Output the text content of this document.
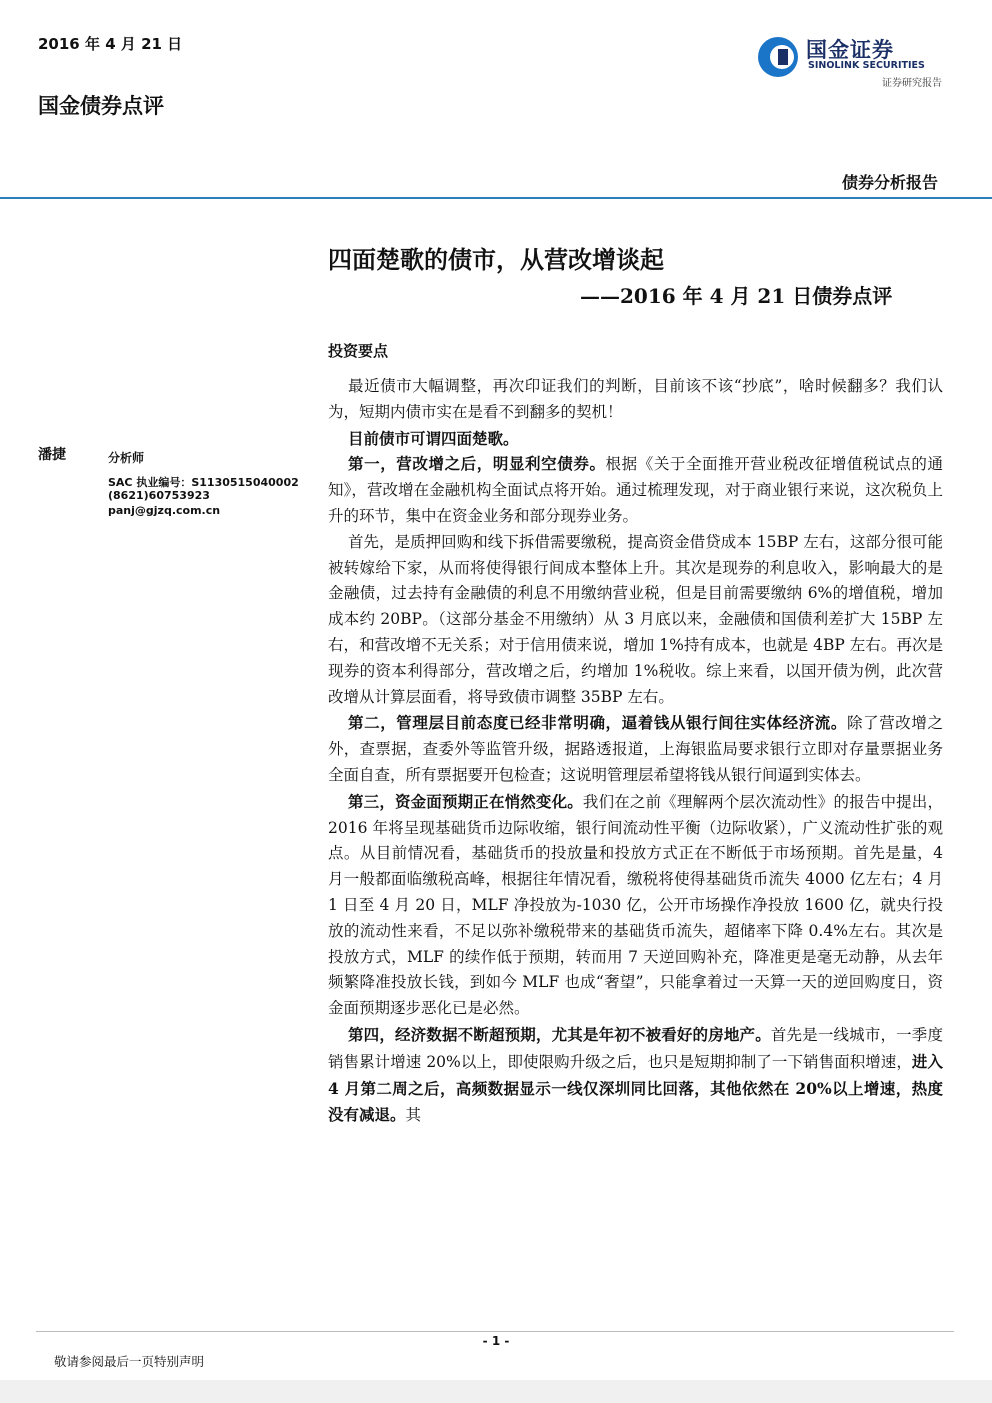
2016 年 4 月 21 日
国金债券点评
国金证券
SINOLINK SECURITIES
证券研究报告
债券分析报告
四面楚歌的债市，从营改增谈起
——2016 年 4 月 21 日债券点评
潘捷	分析师
SAC 执业编号：S1130515040002
(8621)60753923
panj@gjzq.com.cn
投资要点

最近债市大幅调整，再次印证我们的判断，目前该不该“抄底”，啥时候翻多？我们认为，短期内债市实在是看不到翻多的契机！

目前债市可谓四面楚歌。

第一，营改增之后，明显利空债券。根据《关于全面推开营业税改征增值税试点的通知》，营改增在金融机构全面试点将开始。通过梳理发现，对于商业银行来说，这次税负上升的环节，集中在资金业务和部分现券业务。

首先，是质押回购和线下拆借需要缴税，提高资金借贷成本 15BP 左右，这部分很可能被转嫁给下家，从而将使得银行间成本整体上升。其次是现券的利息收入，影响最大的是金融债，过去持有金融债的利息不用缴纳营业税，但是目前需要缴纳 6%的增值税，增加成本约 20BP。（这部分基金不用缴纳）从 3 月底以来，金融债和国债利差扩大 15BP 左右，和营改增不无关系；对于信用债来说，增加 1%持有成本，也就是 4BP 左右。再次是现券的资本利得部分，营改增之后，约增加 1%税收。综上来看，以国开债为例，此次营改增从计算层面看，将导致债市调整 35BP 左右。

第二，管理层目前态度已经非常明确，逼着钱从银行间往实体经济流。除了营改增之外，查票据，查委外等监管升级，据路透报道，上海银监局要求银行立即对存量票据业务全面自查，所有票据要开包检查；这说明管理层希望将钱从银行间逼到实体去。

第三，资金面预期正在悄然变化。我们在之前《理解两个层次流动性》的报告中提出，2016 年将呈现基础货币边际收缩，银行间流动性平衡（边际收紧），广义流动性扩张的观点。从目前情况看，基础货币的投放量和投放方式正在不断低于市场预期。首先是量，4 月一般都面临缴税高峰，根据往年情况看，缴税将使得基础货币流失 4000 亿左右；4 月 1 日至 4 月 20 日，MLF 净投放为-1030 亿，公开市场操作净投放 1600 亿，就央行投放的流动性来看，不足以弥补缴税带来的基础货币流失，超储率下降 0.4%左右。其次是投放方式，MLF 的续作低于预期，转而用 7 天逆回购补充，降准更是毫无动静，从去年频繁降准投放长钱，到如今 MLF 也成“奢望”，只能拿着过一天算一天的逆回购度日，资金面预期逐步恶化已是必然。

第四，经济数据不断超预期，尤其是年初不被看好的房地产。首先是一线城市，一季度销售累计增速 20%以上，即使限购升级之后，也只是短期抑制了一下销售面积增速，进入 4 月第二周之后，高频数据显示一线仅深圳同比回落，其他依然在 20%以上增速，热度没有减退。其

- 1 -
敬请参阅最后一页特别声明
